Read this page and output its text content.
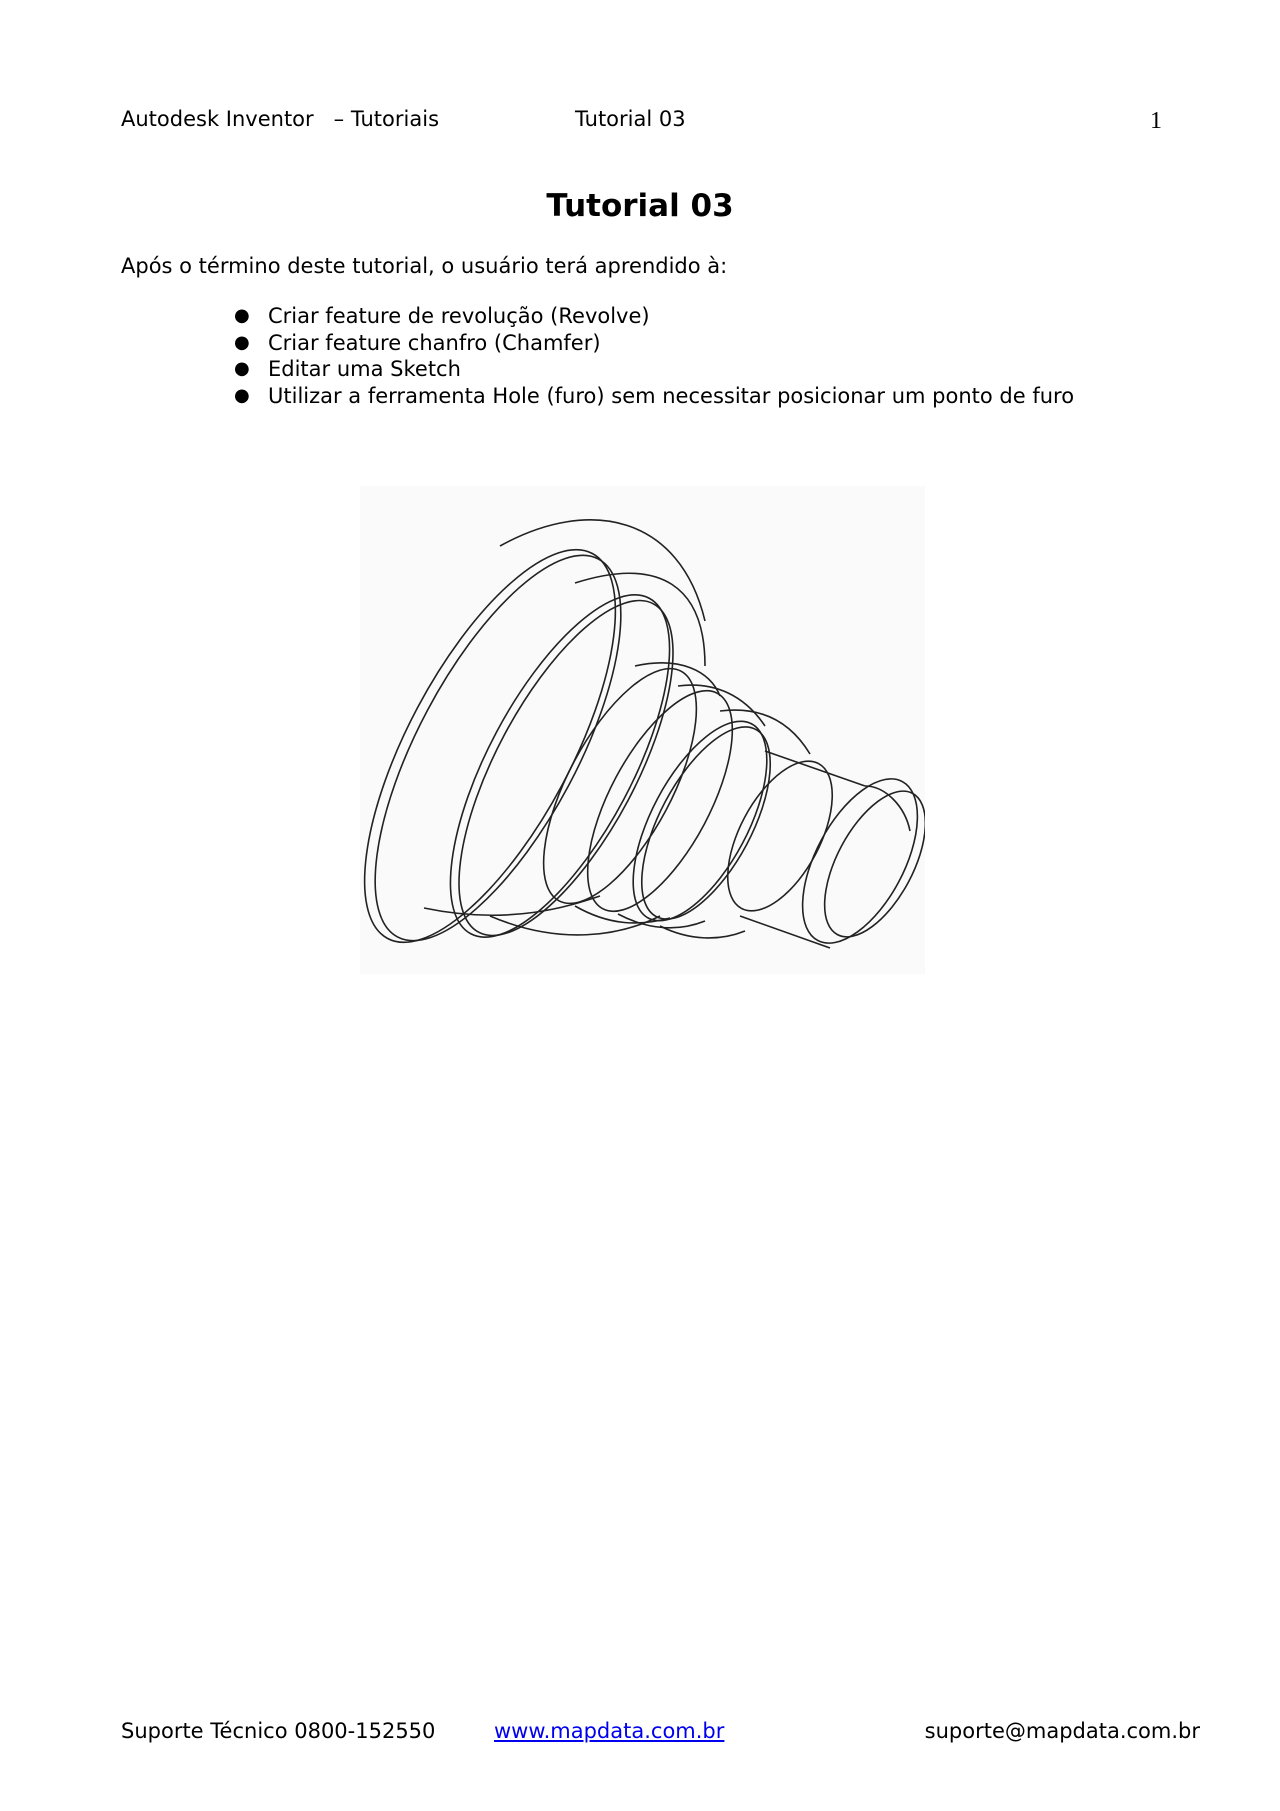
Autodesk Inventor   – Tutoriais	Tutorial 03	1
Tutorial 03

Após o término deste tutorial, o usuário terá aprendido à:

● Criar feature de revolução (Revolve)
● Criar feature chanfro (Chamfer)
● Editar uma Sketch
● Utilizar a ferramenta Hole (furo) sem necessitar posicionar um ponto de furo
Suporte Técnico 0800-152550	www.mapdata.com.br	suporte@mapdata.com.br
